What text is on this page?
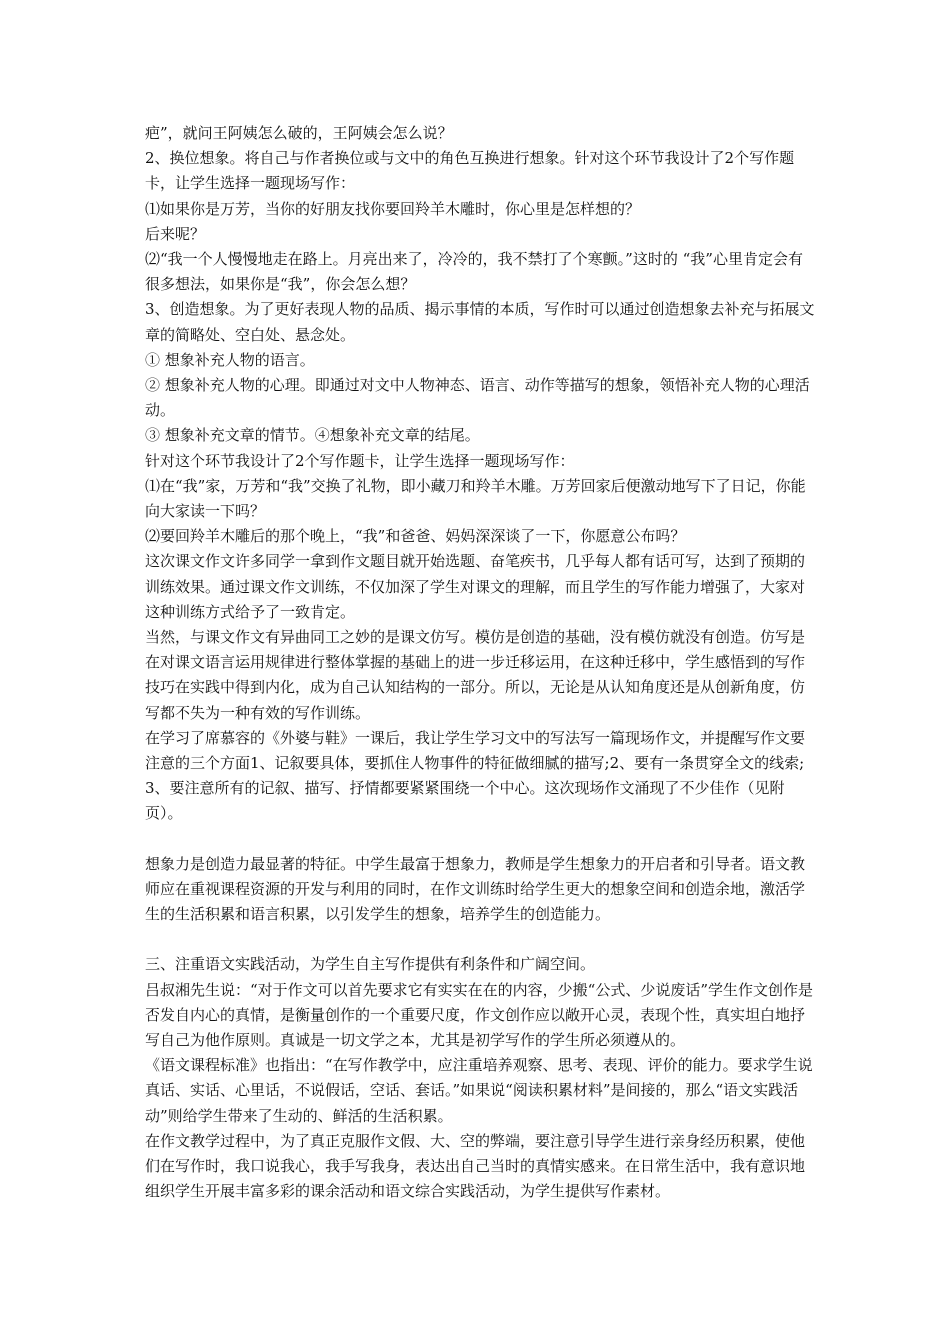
疤”，就问王阿姨怎么破的，王阿姨会怎么说？

2、换位想象。将自己与作者换位或与文中的角色互换进行想象。针对这个环节我设计了2个写作题卡，让学生选择一题现场写作：

⑴如果你是万芳，当你的好朋友找你要回羚羊木雕时，你心里是怎样想的？

后来呢？

⑵“我一个人慢慢地走在路上。月亮出来了，冷冷的，我不禁打了个寒颤。”这时的 “我”心里肯定会有很多想法，如果你是“我”，你会怎么想？

3、创造想象。为了更好表现人物的品质、揭示事情的本质，写作时可以通过创造想象去补充与拓展文章的简略处、空白处、悬念处。

① 想象补充人物的语言。

② 想象补充人物的心理。即通过对文中人物神态、语言、动作等描写的想象，领悟补充人物的心理活动。

③ 想象补充文章的情节。④想象补充文章的结尾。

针对这个环节我设计了2个写作题卡，让学生选择一题现场写作：

⑴在“我”家，万芳和“我”交换了礼物，即小藏刀和羚羊木雕。万芳回家后便激动地写下了日记，你能向大家读一下吗？

⑵要回羚羊木雕后的那个晚上，“我”和爸爸、妈妈深深谈了一下，你愿意公布吗？

这次课文作文许多同学一拿到作文题目就开始选题、奋笔疾书，几乎每人都有话可写，达到了预期的训练效果。通过课文作文训练，不仅加深了学生对课文的理解，而且学生的写作能力增强了，大家对这种训练方式给予了一致肯定。

当然，与课文作文有异曲同工之妙的是课文仿写。模仿是创造的基础，没有模仿就没有创造。仿写是在对课文语言运用规律进行整体掌握的基础上的进一步迁移运用，在这种迁移中，学生感悟到的写作技巧在实践中得到内化，成为自己认知结构的一部分。所以，无论是从认知角度还是从创新角度，仿写都不失为一种有效的写作训练。

在学习了席慕容的《外婆与鞋》一课后，我让学生学习文中的写法写一篇现场作文，并提醒写作文要注意的三个方面1、记叙要具体，要抓住人物事件的特征做细腻的描写;2、要有一条贯穿全文的线索;3、要注意所有的记叙、描写、抒情都要紧紧围绕一个中心。这次现场作文涌现了不少佳作（见附页）。

想象力是创造力最显著的特征。中学生最富于想象力，教师是学生想象力的开启者和引导者。语文教师应在重视课程资源的开发与利用的同时，在作文训练时给学生更大的想象空间和创造余地，激活学生的生活积累和语言积累，以引发学生的想象，培养学生的创造能力。

三、注重语文实践活动，为学生自主写作提供有利条件和广阔空间。

吕叔湘先生说：“对于作文可以首先要求它有实实在在的内容，少搬“公式、少说废话”学生作文创作是否发自内心的真情，是衡量创作的一个重要尺度，作文创作应以敞开心灵，表现个性，真实坦白地抒写自己为他作原则。真诚是一切文学之本，尤其是初学写作的学生所必须遵从的。

《语文课程标准》也指出：“在写作教学中，应注重培养观察、思考、表现、评价的能力。要求学生说真话、实话、心里话，不说假话，空话、套话。”如果说“阅读积累材料”是间接的，那么“语文实践活动”则给学生带来了生动的、鲜活的生活积累。

在作文教学过程中，为了真正克服作文假、大、空的弊端，要注意引导学生进行亲身经历积累，使他们在写作时，我口说我心，我手写我身，表达出自己当时的真情实感来。在日常生活中，我有意识地组织学生开展丰富多彩的课余活动和语文综合实践活动，为学生提供写作素材。
